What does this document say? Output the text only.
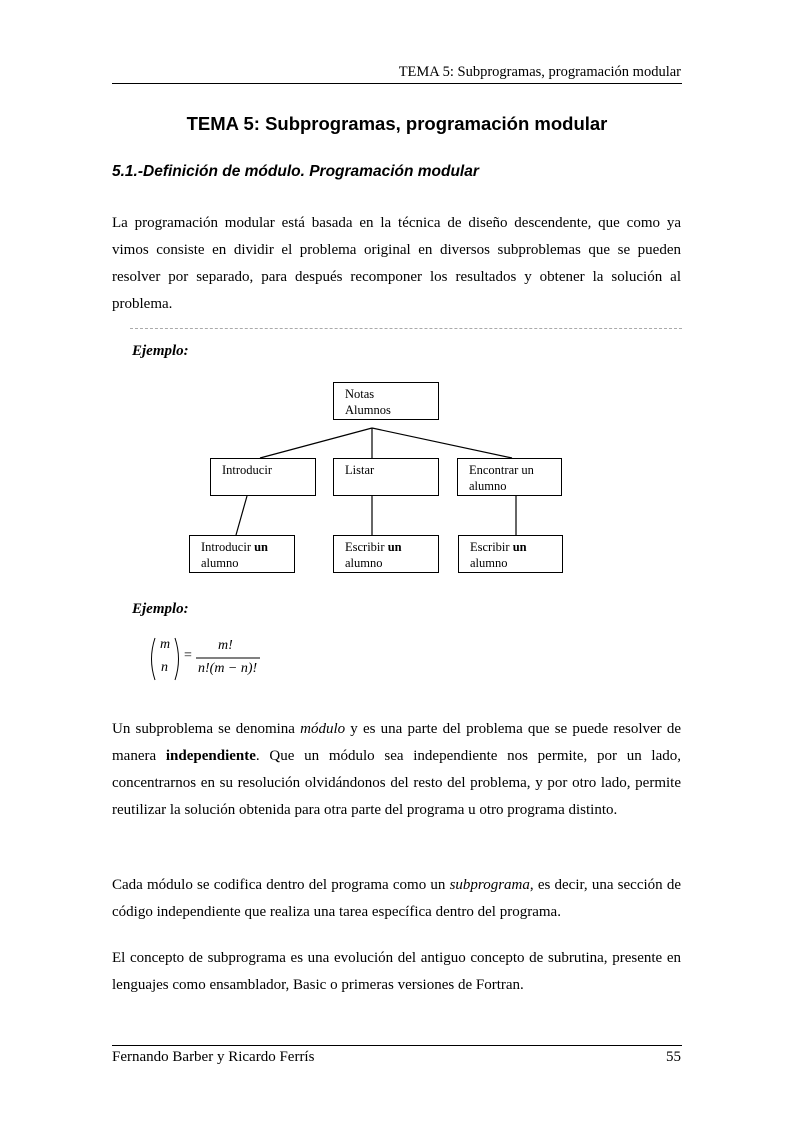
TEMA 5: Subprogramas, programación modular
TEMA 5: Subprogramas, programación modular
5.1.-Definición de módulo. Programación modular
La programación modular está basada en la técnica de diseño descendente, que como ya vimos consiste en dividir el problema original en diversos subproblemas que se pueden resolver por separado, para después recomponer los resultados y obtener la solución al problema.
Ejemplo:
Notas
Alumnos
Introducir	Listar	Encontrar un
alumno
Introducir un
alumno
Escribir un
alumno
Escribir un
alumno
Ejemplo:
m
n
=
m!
n!(m − n)!
Un subproblema se denomina módulo y es una parte del problema que se puede resolver de manera independiente. Que un módulo sea independiente nos permite, por un lado, concentrarnos en su resolución olvidándonos del resto del problema, y por otro lado, permite reutilizar la solución obtenida para otra parte del programa u otro programa distinto.
Cada módulo se codifica dentro del programa como un subprograma, es decir, una sección de código independiente que realiza una tarea específica dentro del programa.
El concepto de subprograma es una evolución del antiguo concepto de subrutina, presente en lenguajes como ensamblador, Basic o primeras versiones de Fortran.
Fernando Barber y Ricardo Ferrís	55
